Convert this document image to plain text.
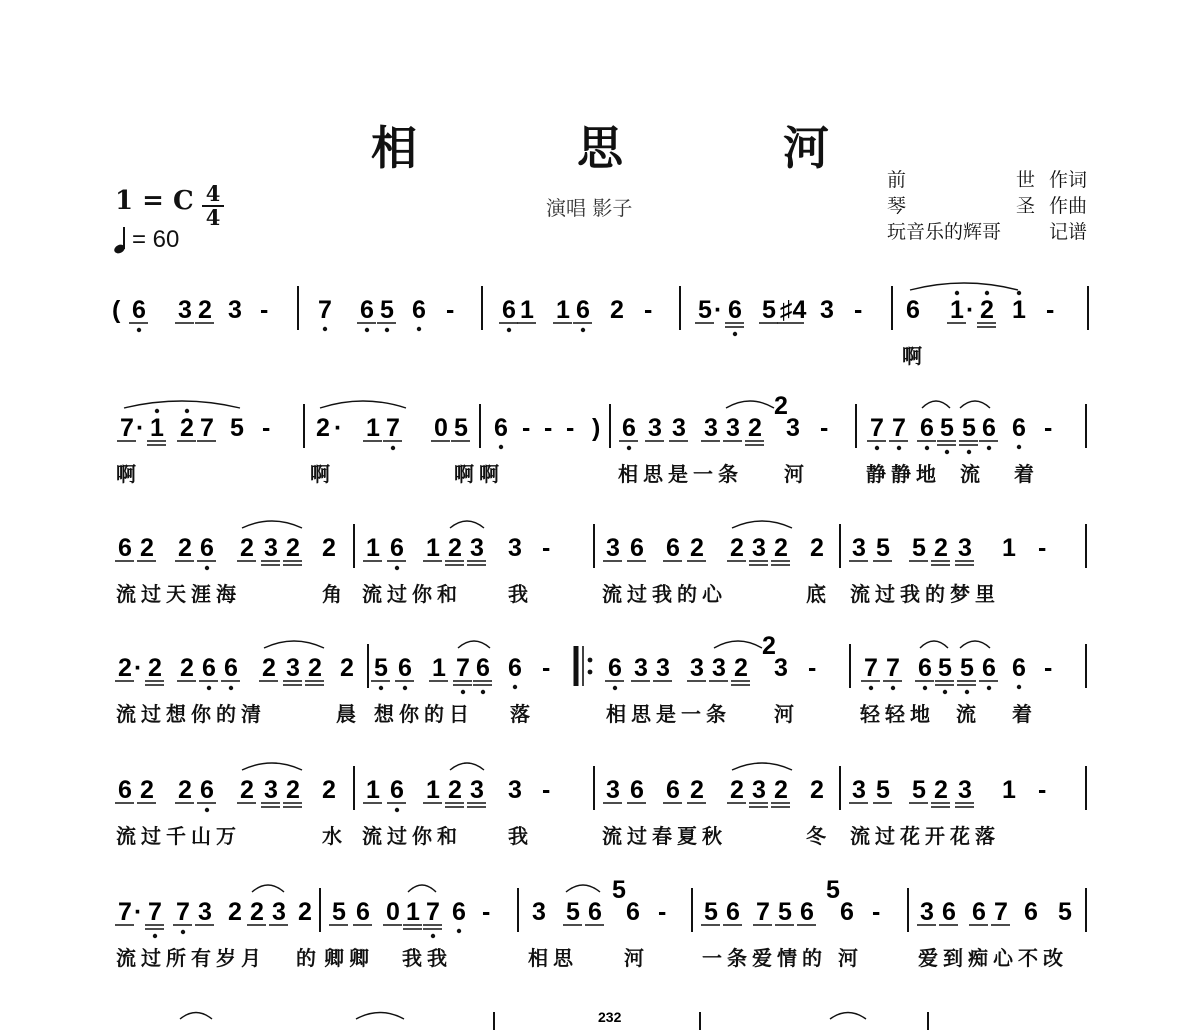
相 思 河
演唱 影子
前	世 作词
琴	圣 作曲
玩音乐的辉哥	记谱
1 = C 4
4
= 60
( 6 3 2 3 - 7 6 5 6 - 6 1 1 6 2 - 5 · 6 5 ♯4 3 - 6 1 · 2 1 -
啊
7 · 1 2 7 5 - 2 · 1 7 0 5 6 - - - ) 6 3 3 3 3 2 3 - 7 7 6 5 5 6 6 -
2
啊	啊	啊啊	相思是一条 河	静静地 流 着
6 2 2 6 2 3 2 2 1 6 1 2 3 3 - 3 6 6 2 2 3 2 2 3 5 5 2 3 1 -
流过天涯海	角 流过你和 我	流过我的心	底 流过我的梦里
2 · 2 2 6 6 2 3 2 2 5 6 1 7 6 6 - 6 3 3 3 3 2 3 - 7 7 6 5 5 6 6 -
2
流过想你的清	晨 想你的日 落	相思是一条 河	轻轻地 流 着
6 2 2 6 2 3 2 2 1 6 1 2 3 3 - 3 6 6 2 2 3 2 2 3 5 5 2 3 1 -
流过千山万	水 流过你和 我	流过春夏秋	冬 流过花开花落
7 · 7 7 3 2 2 3 2 5 6 0 1 7 6 - 3 5 6 6 - 5 6 7 5 6 6 - 3 6 6 7 6 5
5	5
流过所有岁月 的 卿卿 我我	相思 河	一条爱情的 河	爱到痴心不改
232
